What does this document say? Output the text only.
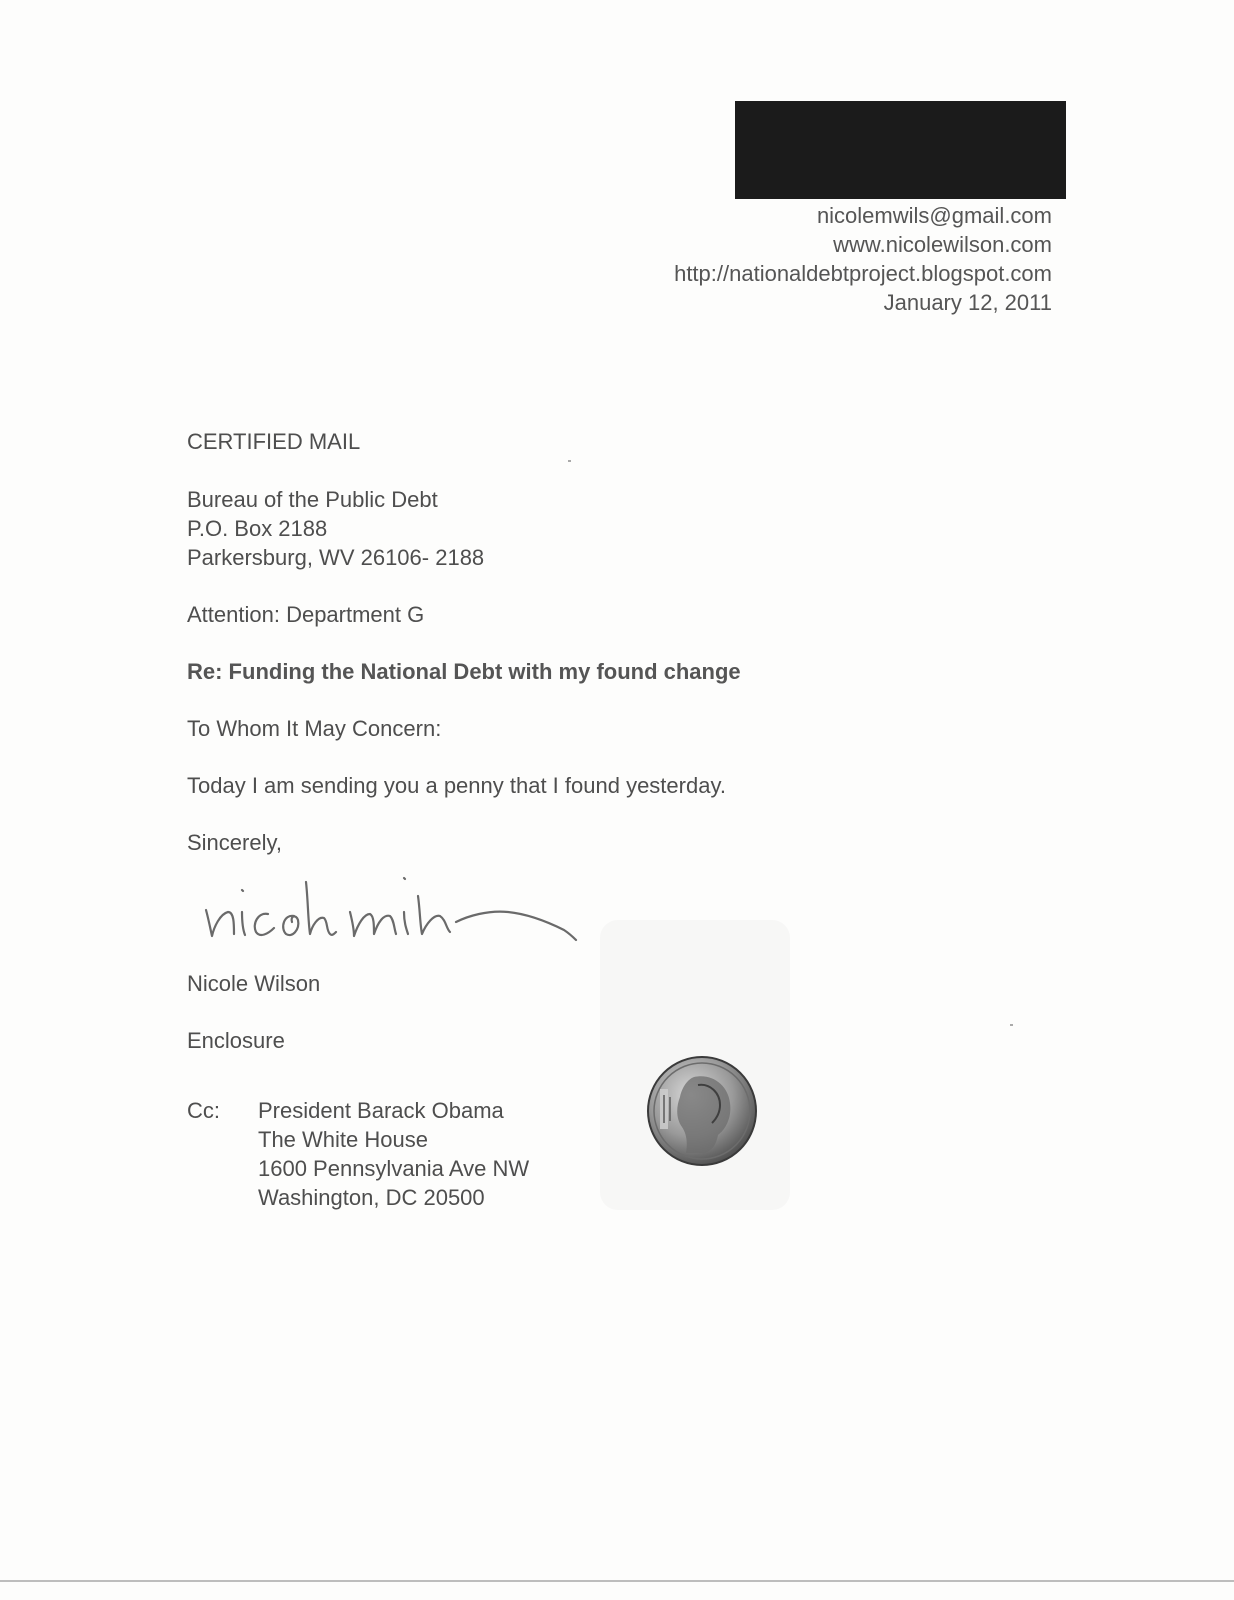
nicolemwils@gmail.com
www.nicolewilson.com
http://nationaldebtproject.blogspot.com
January 12, 2011
CERTIFIED MAIL
Bureau of the Public Debt
P.O. Box 2188
Parkersburg, WV 26106- 2188
Attention: Department G
Re: Funding the National Debt with my found change
To Whom It May Concern:
Today I am sending you a penny that I found yesterday.
Sincerely,
Nicole Wilson
Enclosure
Cc: President Barack Obama
The White House
1600 Pennsylvania Ave NW
Washington, DC 20500
